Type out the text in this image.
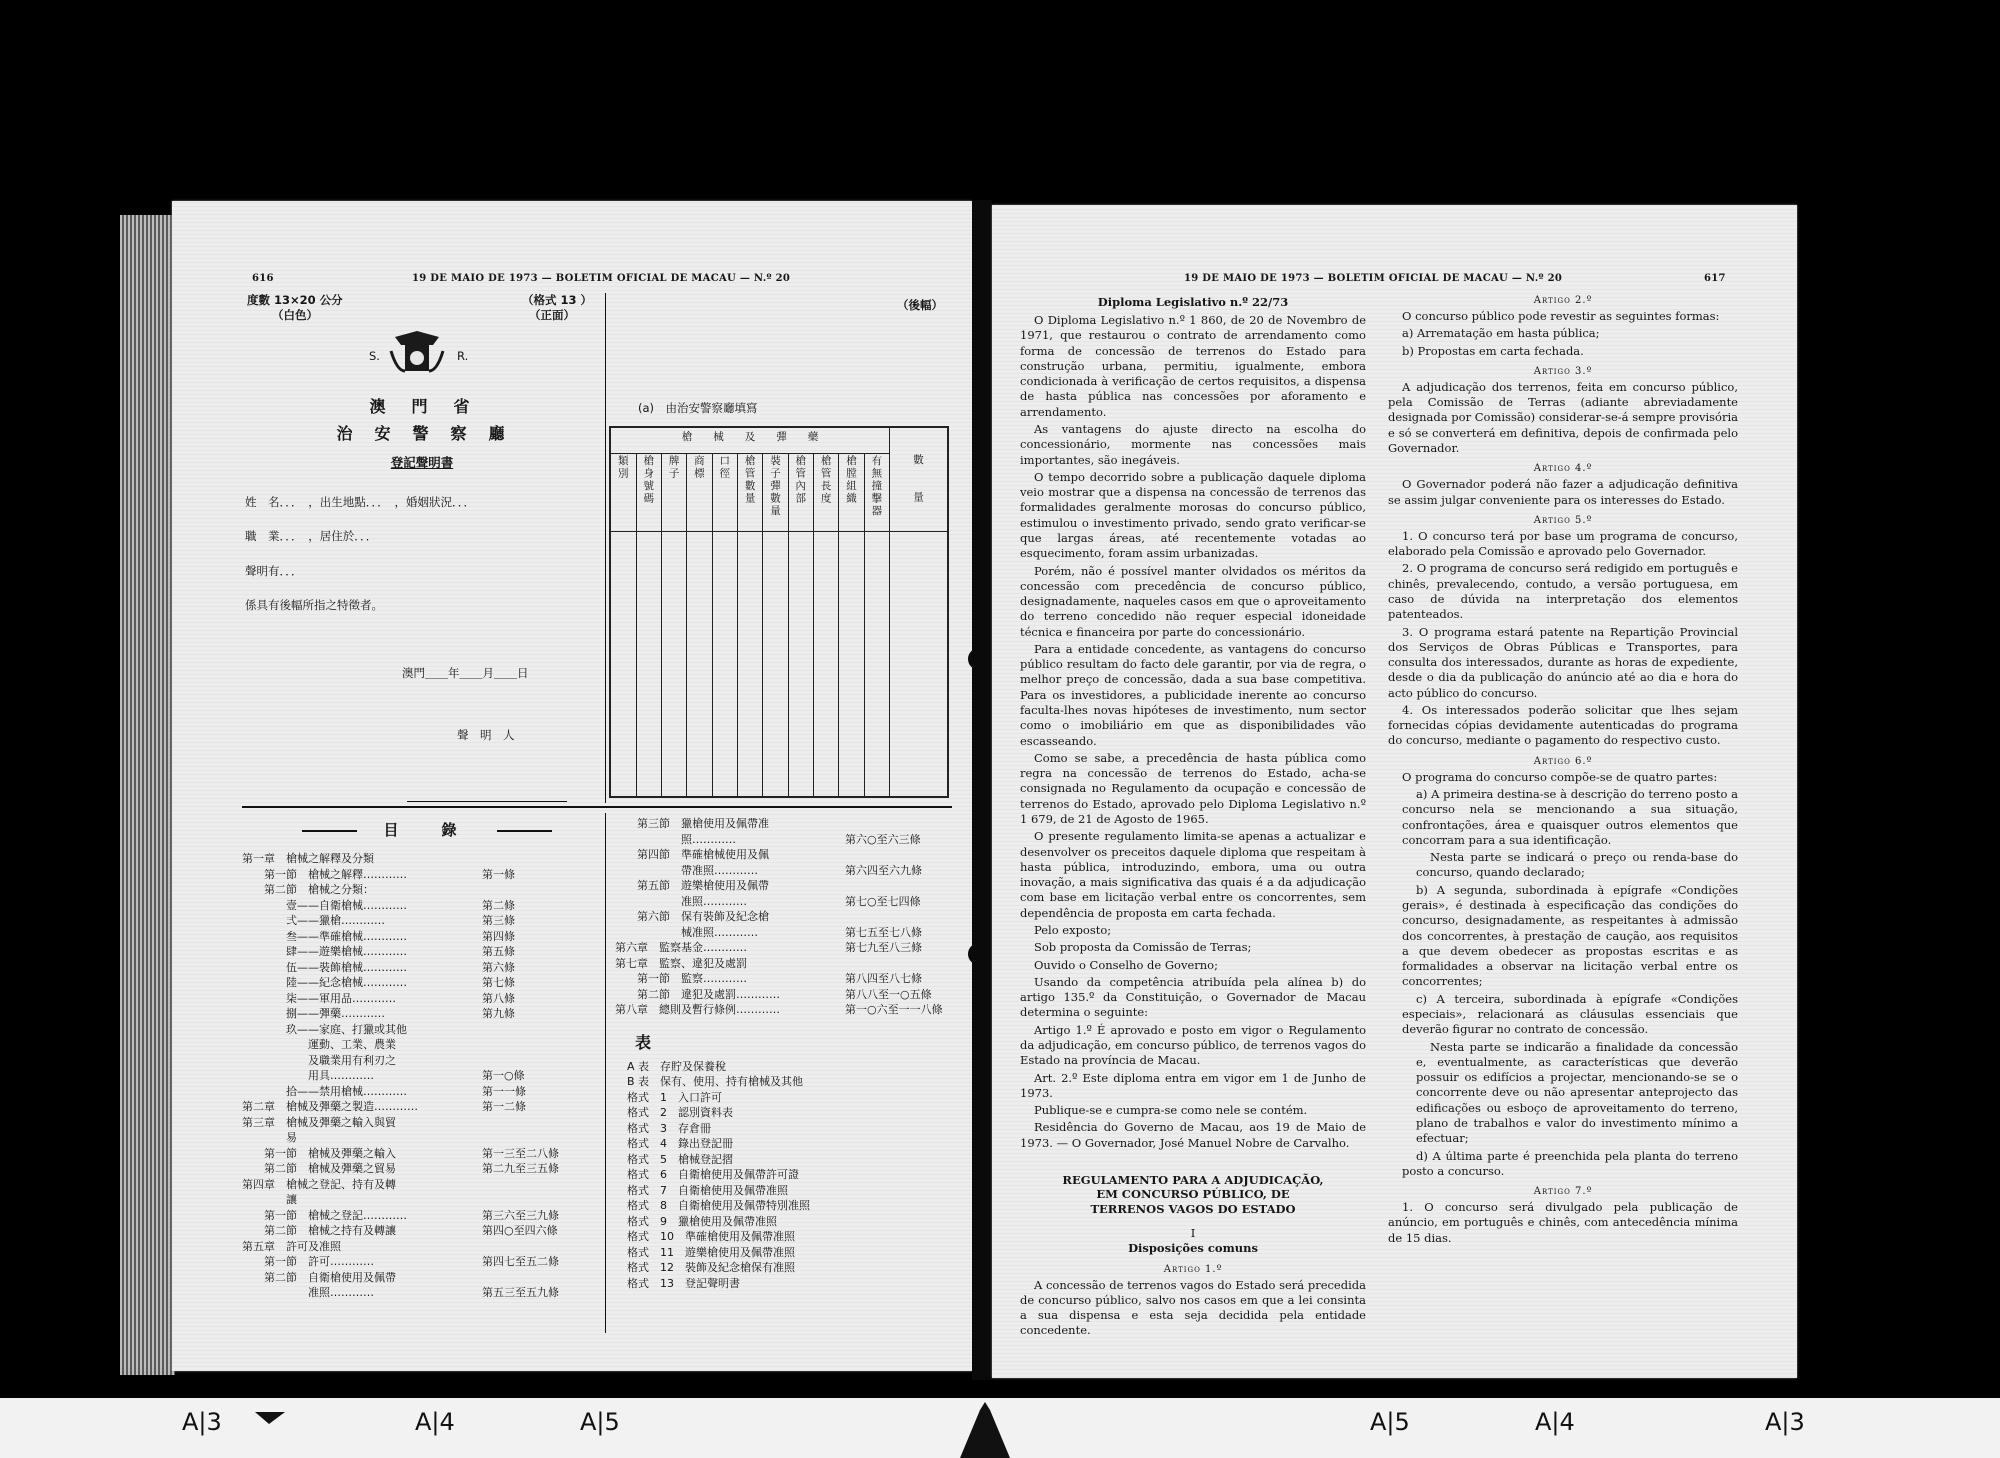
616	19 DE MAIO DE 1973 — BOLETIM OFICIAL DE MACAU — N.º 20
度數 13×20 公分
（白色）
（格式 13 ）
（正面）
（後幅）
S.	R.
澳　門　省
治　安　警　察　廳
登記聲明書
姓　名．．．　，出生地點．．．　，婚姻狀況．．．
職　業．．．　，居住於．．．
聲明有．．．
係具有後幅所指之特徵者。
澳門＿＿年＿＿月＿＿日
聲　明　人
(a)　由治安警察廳填寫
槍　　械　　及　　彈　　藥											數　　量

類別	槍身號碼	牌子	商標	口徑	槍管數量	裝子彈數量	槍管內部	槍管長度	槍膛組織	有無撞擊器	

目　錄
第一章　槍械之解釋及分類
　　第一節　槍械之解釋…………	第一條
　　第二節　槍械之分類：
　　　　壹——自衛槍械…………	第二條
　　　　弍——獵槍…………	第三條
　　　　叁——準確槍械…………	第四條
　　　　肆——遊樂槍械…………	第五條
　　　　伍——裝飾槍械…………	第六條
　　　　陸——紀念槍械…………	第七條
　　　　柒——軍用品…………	第八條
　　　　捌——彈藥…………	第九條
　　　　玖——家庭、打獵或其他
　　　　　　運動、工業、農業
　　　　　　及職業用有利刃之
　　　　　　用具…………	第一○條
　　　　拾——禁用槍械…………	第一一條
第二章　槍械及彈藥之製造…………	第一二條
第三章　槍械及彈藥之輸入與貿
　　　　易
　　第一節　槍械及彈藥之輸入	第一三至二八條
　　第二節　槍械及彈藥之貿易	第二九至三五條
第四章　槍械之登記、持有及轉
　　　　讓
　　第一節　槍械之登記…………	第三六至三九條
　　第二節　槍械之持有及轉讓	第四○至四六條
第五章　許可及准照
　　第一節　許可…………	第四七至五二條
　　第二節　自衛槍使用及佩帶
　　　　　　准照…………	第五三至五九條
　　第三節　獵槍使用及佩帶准
　　　　　　照…………	第六○至六三條
　　第四節　準確槍械使用及佩
　　　　　　帶准照…………	第六四至六九條
　　第五節　遊樂槍使用及佩帶
　　　　　　准照…………	第七○至七四條
　　第六節　保有裝飾及紀念槍
　　　　　　械准照…………	第七五至七八條
第六章　監察基金…………	第七九至八三條
第七章　監察、違犯及處罰
　　第一節　監察…………	第八四至八七條
　　第二節　違犯及處罰…………	第八八至一○五條
第八章　總則及暫行條例…………	第一○六至一一八條
表
A 表　存貯及保養稅
B 表　保有、使用、持有槍械及其他
格式　1　入口許可
格式　2　認別資料表
格式　3　存倉冊
格式　4　錄出登記冊
格式　5　槍械登記摺
格式　6　自衛槍使用及佩帶許可證
格式　7　自衛槍使用及佩帶准照
格式　8　自衛槍使用及佩帶特別准照
格式　9　獵槍使用及佩帶准照
格式　10　準確槍使用及佩帶准照
格式　11　遊樂槍使用及佩帶准照
格式　12　裝飾及紀念槍保有准照
格式　13　登記聲明書
19 DE MAIO DE 1973 — BOLETIM OFICIAL DE MACAU — N.º 20	617
Diploma Legislativo n.º 22/73

O Diploma Legislativo n.º 1 860, de 20 de Novembro de 1971, que restaurou o contrato de arrendamento como forma de concessão de terrenos do Estado para construção urbana, permitiu, igualmente, embora condicionada à verificação de certos requisitos, a dispensa de hasta pública nas concessões por aforamento e arrendamento.

As vantagens do ajuste directo na escolha do concessionário, mormente nas concessões mais importantes, são inegáveis.

O tempo decorrido sobre a publicação daquele diploma veio mostrar que a dispensa na concessão de terrenos das formalidades geralmente morosas do concurso público, estimulou o investimento privado, sendo grato verificar-se que largas áreas, até recentemente votadas ao esquecimento, foram assim urbanizadas.

Porém, não é possível manter olvidados os méritos da concessão com precedência de concurso público, designadamente, naqueles casos em que o aproveitamento do terreno concedido não requer especial idoneidade técnica e financeira por parte do concessionário.

Para a entidade concedente, as vantagens do concurso público resultam do facto dele garantir, por via de regra, o melhor preço de concessão, dada a sua base competitiva. Para os investidores, a publicidade inerente ao concurso faculta-lhes novas hipóteses de investimento, num sector como o imobiliário em que as disponibilidades vão escasseando.

Como se sabe, a precedência de hasta pública como regra na concessão de terrenos do Estado, acha-se consignada no Regulamento da ocupação e concessão de terrenos do Estado, aprovado pelo Diploma Legislativo n.º 1 679, de 21 de Agosto de 1965.

O presente regulamento limita-se apenas a actualizar e desenvolver os preceitos daquele diploma que respeitam à hasta pública, introduzindo, embora, uma ou outra inovação, a mais significativa das quais é a da adjudicação com base em licitação verbal entre os concorrentes, sem dependência de proposta em carta fechada.

Pelo exposto;

Sob proposta da Comissão de Terras;

Ouvido o Conselho de Governo;

Usando da competência atribuída pela alínea b) do artigo 135.º da Constituição, o Governador de Macau determina o seguinte:

Artigo 1.º É aprovado e posto em vigor o Regulamento da adjudicação, em concurso público, de terrenos vagos do Estado na província de Macau.

Art. 2.º Este diploma entra em vigor em 1 de Junho de 1973.

Publique-se e cumpra-se como nele se contém.

Residência do Governo de Macau, aos 19 de Maio de 1973. — O Governador, José Manuel Nobre de Carvalho.

REGULAMENTO PARA A ADJUDICAÇÃO, EM CONCURSO PÚBLICO, DE TERRENOS VAGOS DO ESTADO
I
Disposições comuns
Artigo 1.º

A concessão de terrenos vagos do Estado será precedida de concurso público, salvo nos casos em que a lei consinta a sua dispensa e esta seja decidida pela entidade concedente.

Artigo 2.º

O concurso público pode revestir as seguintes formas:

a) Arrematação em hasta pública;

b) Propostas em carta fechada.

Artigo 3.º

A adjudicação dos terrenos, feita em concurso público, pela Comissão de Terras (adiante abreviadamente designada por Comissão) considerar-se-á sempre provisória e só se converterá em definitiva, depois de confirmada pelo Governador.

Artigo 4.º

O Governador poderá não fazer a adjudicação definitiva se assim julgar conveniente para os interesses do Estado.

Artigo 5.º

1. O concurso terá por base um programa de concurso, elaborado pela Comissão e aprovado pelo Governador.

2. O programa de concurso será redigido em português e chinês, prevalecendo, contudo, a versão portuguesa, em caso de dúvida na interpretação dos elementos patenteados.

3. O programa estará patente na Repartição Provincial dos Serviços de Obras Públicas e Transportes, para consulta dos interessados, durante as horas de expediente, desde o dia da publicação do anúncio até ao dia e hora do acto público do concurso.

4. Os interessados poderão solicitar que lhes sejam fornecidas cópias devidamente autenticadas do programa do concurso, mediante o pagamento do respectivo custo.

Artigo 6.º

O programa do concurso compõe-se de quatro partes:

a) A primeira destina-se à descrição do terreno posto a concurso nela se mencionando a sua situação, confrontações, área e quaisquer outros elementos que concorram para a sua identificação.

Nesta parte se indicará o preço ou renda-base do concurso, quando declarado;

b) A segunda, subordinada à epígrafe «Condições gerais», é destinada à especificação das condições do concurso, designadamente, as respeitantes à admissão dos concorrentes, à prestação de caução, aos requisitos a que devem obedecer as propostas escritas e as formalidades a observar na licitação verbal entre os concorrentes;

c) A terceira, subordinada à epígrafe «Condições especiais», relacionará as cláusulas essenciais que deverão figurar no contrato de concessão.

Nesta parte se indicarão a finalidade da concessão e, eventualmente, as características que deverão possuir os edifícios a projectar, mencionando-se se o concorrente deve ou não apresentar anteprojecto das edificações ou esboço de aproveitamento do terreno, plano de trabalhos e valor do investimento mínimo a efectuar;

d) A última parte é preenchida pela planta do terreno posto a concurso.

Artigo 7.º

1. O concurso será divulgado pela publicação de anúncio, em português e chinês, com antecedência mínima de 15 dias.

A|3	A|4	A|5	A|5	A|4	A|3
